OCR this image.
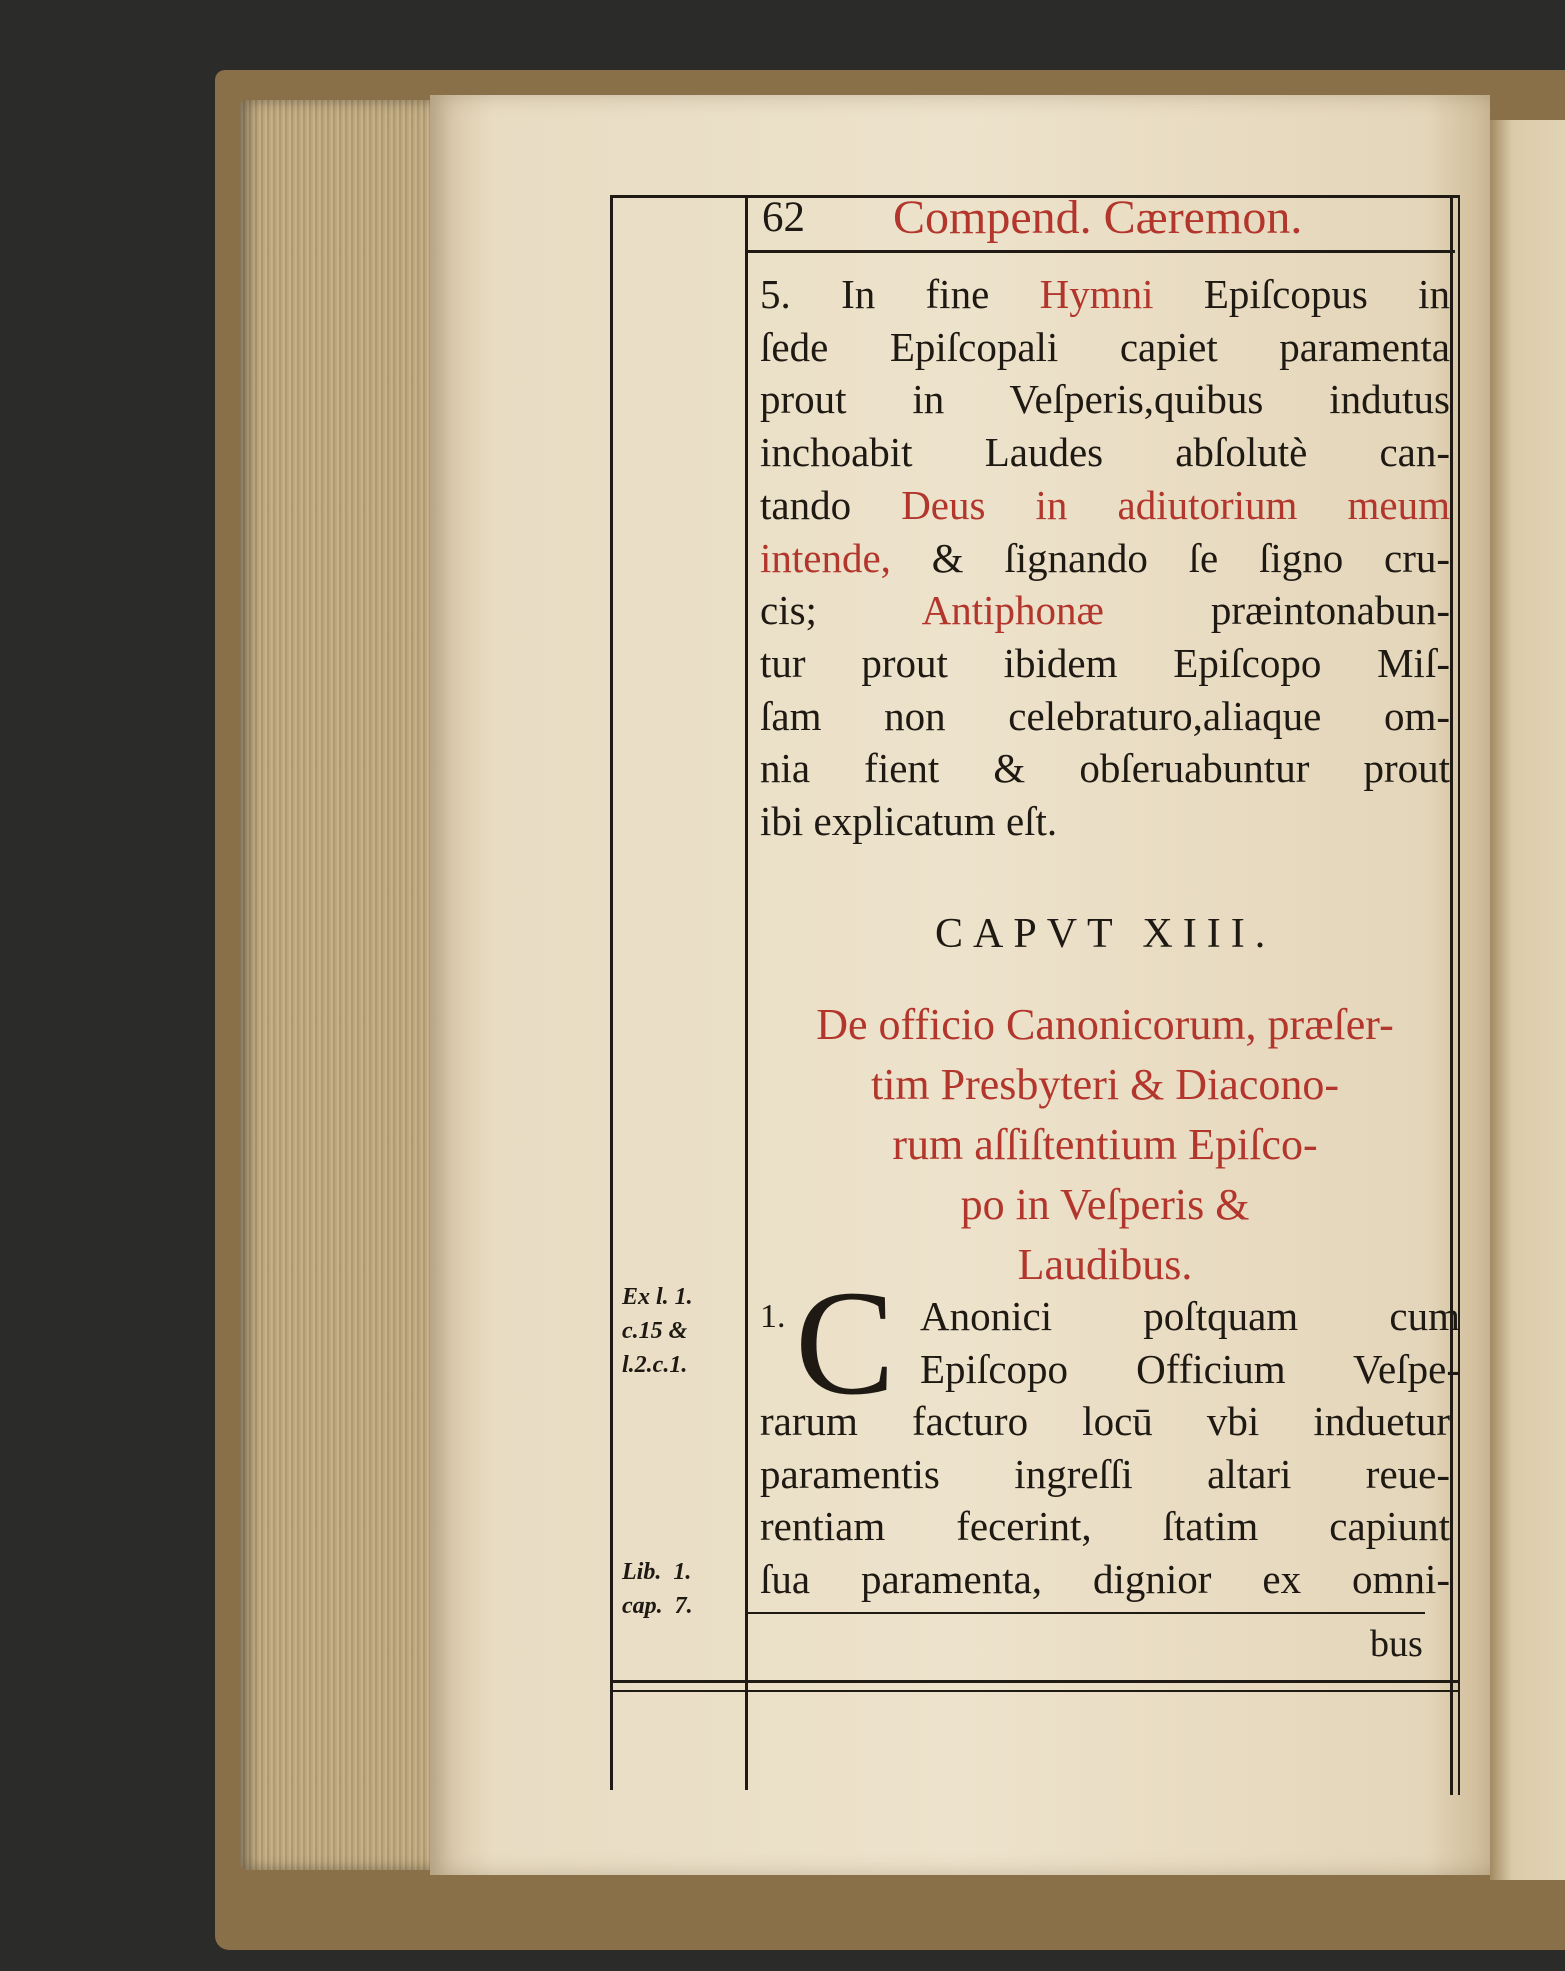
62 Compend. Cæremon.
5. In fine Hymni Epiſcopus in
ſede Epiſcopali capiet paramenta
prout in Veſperis,quibus indutus
inchoabit Laudes abſolutè can-
tando Deus in adiutorium meum
intende, & ſignando ſe ſigno cru-
cis; Antiphonæ præintonabun-
tur prout ibidem Epiſcopo Miſ-
ſam non celebraturo,aliaque om-
nia fient & obſeruabuntur prout
ibi explicatum eſt.
CAPVT XIII.
De officio Canonicorum, præſer-
tim Presbyteri & Diacono-
rum aſſiſtentium Epiſco-
po in Veſperis &
Laudibus.
1. C Anonici poſtquam cum
Epiſcopo Officium Veſpe-
rarum facturo locū vbi induetur
paramentis ingreſſi altari reue-
rentiam fecerint, ſtatim capiunt
ſua paramenta, dignior ex omni-
bus
Ex l. 1.
c.15 &
l.2.c.1.
Lib.  1.
cap.  7.
